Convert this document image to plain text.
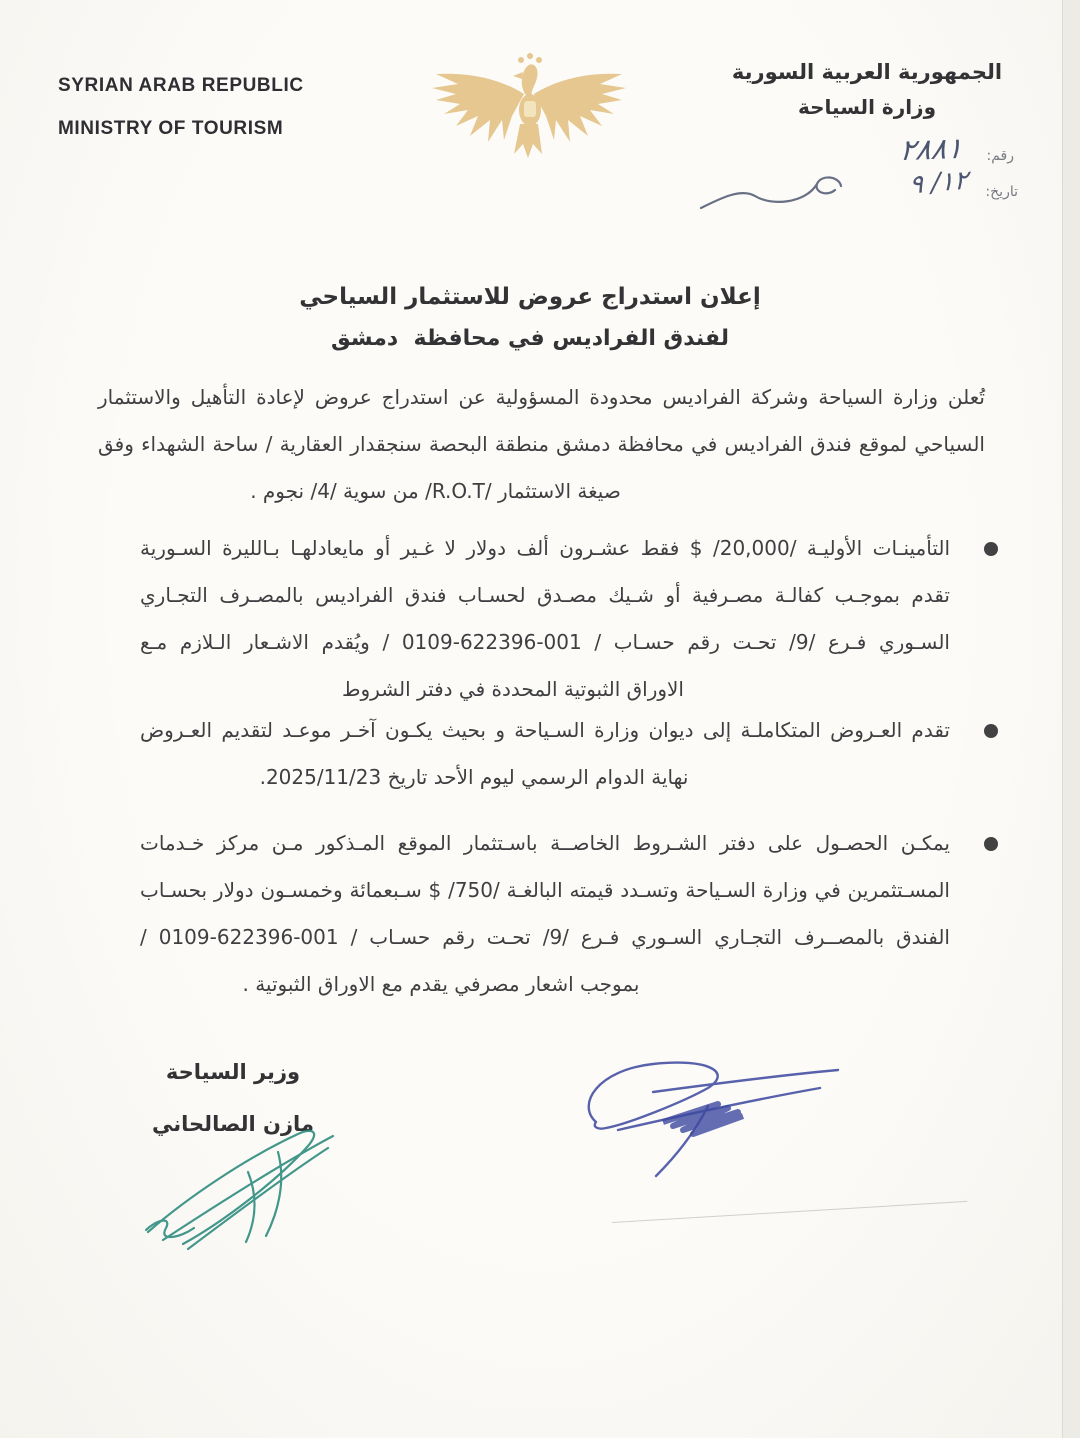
SYRIAN ARAB REPUBLIC
MINISTRY OF TOURISM
الجمهورية العربية السورية
وزارة السياحة
رقم:
٢٨٨١
تاريخ:
١٢/ ٩
إعلان استدراج عروض للاستثمار السياحي
لفندق الفراديس في محافظة  دمشق
تُعلن وزارة السياحة وشركة الفراديس محدودة المسؤولية عن استدراج عروض لإعادة التأهيل والاستثمار
السياحي لموقع فندق الفراديس في محافظة دمشق منطقة البحصة سنجقدار العقارية / ساحة الشهداء وفق
صيغة الاستثمار /R.O.T/ من سوية /4/ نجوم .
التأمينـات الأوليـة /20,000/ $ فقط عشـرون ألف دولار لا غـير أو مايعادلهـا بـالليرة السـورية
تقدم بموجـب كفالـة مصـرفية أو شـيك مصـدق لحسـاب فندق الفراديس بالمصـرف التجـاري
السـوري فـرع /9/ تحـت رقم حسـاب / 001-622396-0109 / ويُقدم الاشـعار الـلازم مـع
الاوراق الثبوتية المحددة في دفتر الشروط
تقدم العـروض المتكاملـة إلى ديوان وزارة السـياحة و بحيث يكـون آخـر موعـد لتقديم العـروض
نهاية الدوام الرسمي ليوم الأحد تاريخ 2025/11/23.
يمكـن الحصـول على دفتر الشـروط الخاصــة باسـتثمار الموقع المـذكور مـن مركز خـدمات
المسـتثمرين في وزارة السـياحة وتسـدد قيمته البالغـة /750/ $ سـبعمائة وخمسـون دولار بحسـاب
الفندق بالمصــرف التجـاري السـوري فـرع /9/ تحـت رقم حسـاب / 001-622396-0109 /
بموجب اشعار مصرفي يقدم مع الاوراق الثبوتية .
وزير السياحة
مازن الصالحاني
